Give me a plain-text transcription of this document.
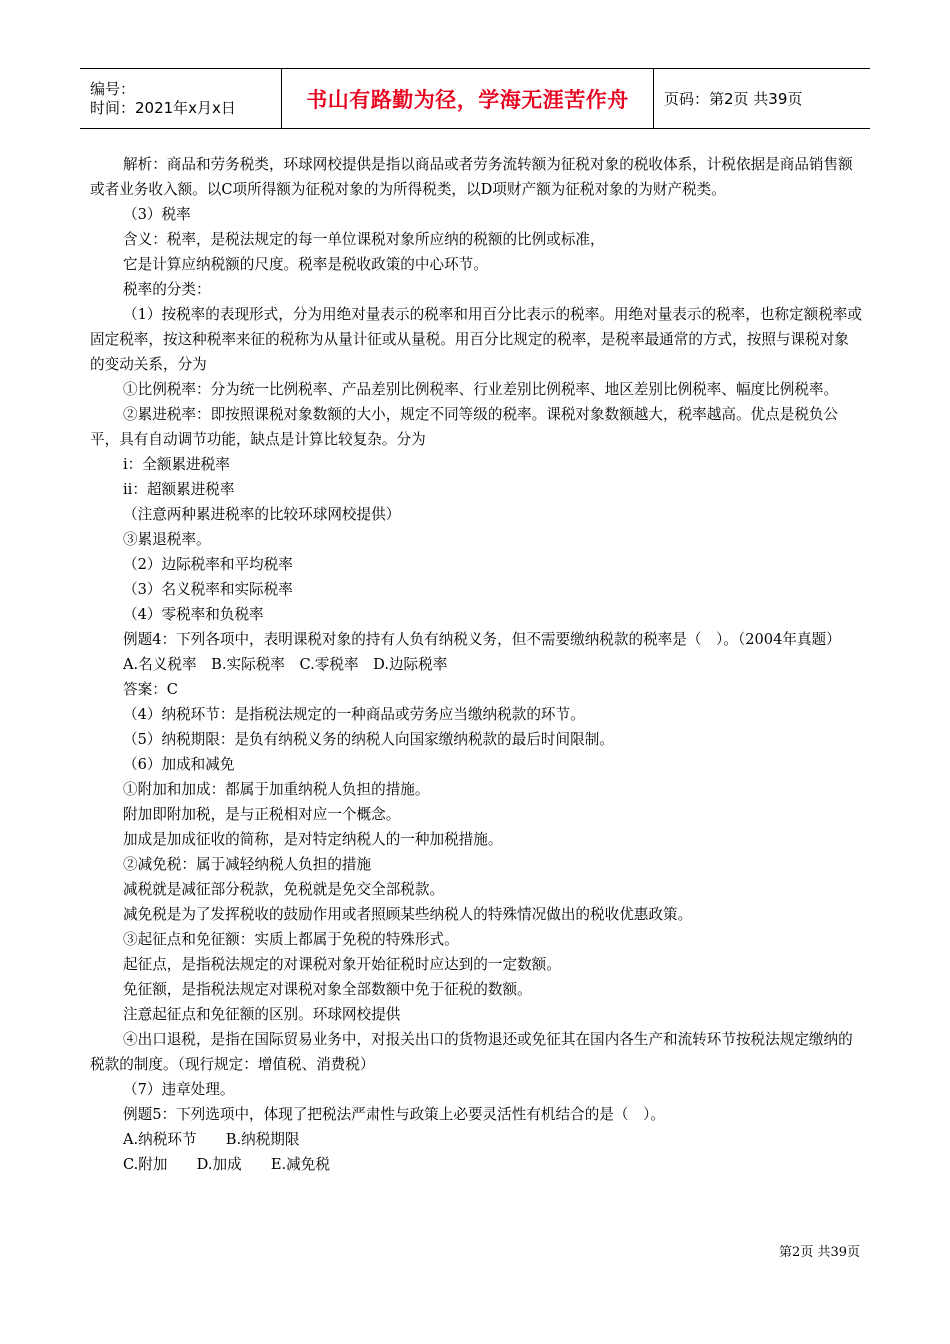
编号：
时间：2021年x月x日	书山有路勤为径，学海无涯苦作舟 页码：第2页 共39页

解析：商品和劳务税类，环球网校提供是指以商品或者劳务流转额为征税对象的税收体系，计税依据是商品销售额或者业务收入额。以C项所得额为征税对象的为所得税类，以D项财产额为征税对象的为财产税类。

（3）税率

含义：税率，是税法规定的每一单位课税对象所应纳的税额的比例或标准，

它是计算应纳税额的尺度。税率是税收政策的中心环节。

税率的分类：

（1）按税率的表现形式，分为用绝对量表示的税率和用百分比表示的税率。用绝对量表示的税率，也称定额税率或固定税率，按这种税率来征的税称为从量计征或从量税。用百分比规定的税率，是税率最通常的方式，按照与课税对象的变动关系，分为

①比例税率：分为统一比例税率、产品差别比例税率、行业差别比例税率、地区差别比例税率、幅度比例税率。

②累进税率：即按照课税对象数额的大小，规定不同等级的税率。课税对象数额越大，税率越高。优点是税负公平，具有自动调节功能，缺点是计算比较复杂。分为

ⅰ：全额累进税率

ⅱ：超额累进税率

（注意两种累进税率的比较环球网校提供）

③累退税率。

（2）边际税率和平均税率

（3）名义税率和实际税率

（4）零税率和负税率

例题4：下列各项中，表明课税对象的持有人负有纳税义务，但不需要缴纳税款的税率是（　）。（2004年真题）

A.名义税率　B.实际税率　C.零税率　D.边际税率

答案：C

（4）纳税环节：是指税法规定的一种商品或劳务应当缴纳税款的环节。

（5）纳税期限：是负有纳税义务的纳税人向国家缴纳税款的最后时间限制。

（6）加成和减免

①附加和加成：都属于加重纳税人负担的措施。

附加即附加税，是与正税相对应一个概念。

加成是加成征收的简称，是对特定纳税人的一种加税措施。

②减免税：属于减轻纳税人负担的措施

减税就是减征部分税款，免税就是免交全部税款。

减免税是为了发挥税收的鼓励作用或者照顾某些纳税人的特殊情况做出的税收优惠政策。

③起征点和免征额：实质上都属于免税的特殊形式。

起征点，是指税法规定的对课税对象开始征税时应达到的一定数额。

免征额，是指税法规定对课税对象全部数额中免于征税的数额。

注意起征点和免征额的区别。环球网校提供

④出口退税，是指在国际贸易业务中，对报关出口的货物退还或免征其在国内各生产和流转环节按税法规定缴纳的税款的制度。（现行规定：增值税、消费税）

（7）违章处理。

例题5：下列选项中，体现了把税法严肃性与政策上必要灵活性有机结合的是（　）。

A.纳税环节　　B.纳税期限

C.附加　　D.加成　　E.减免税

第2页 共39页
